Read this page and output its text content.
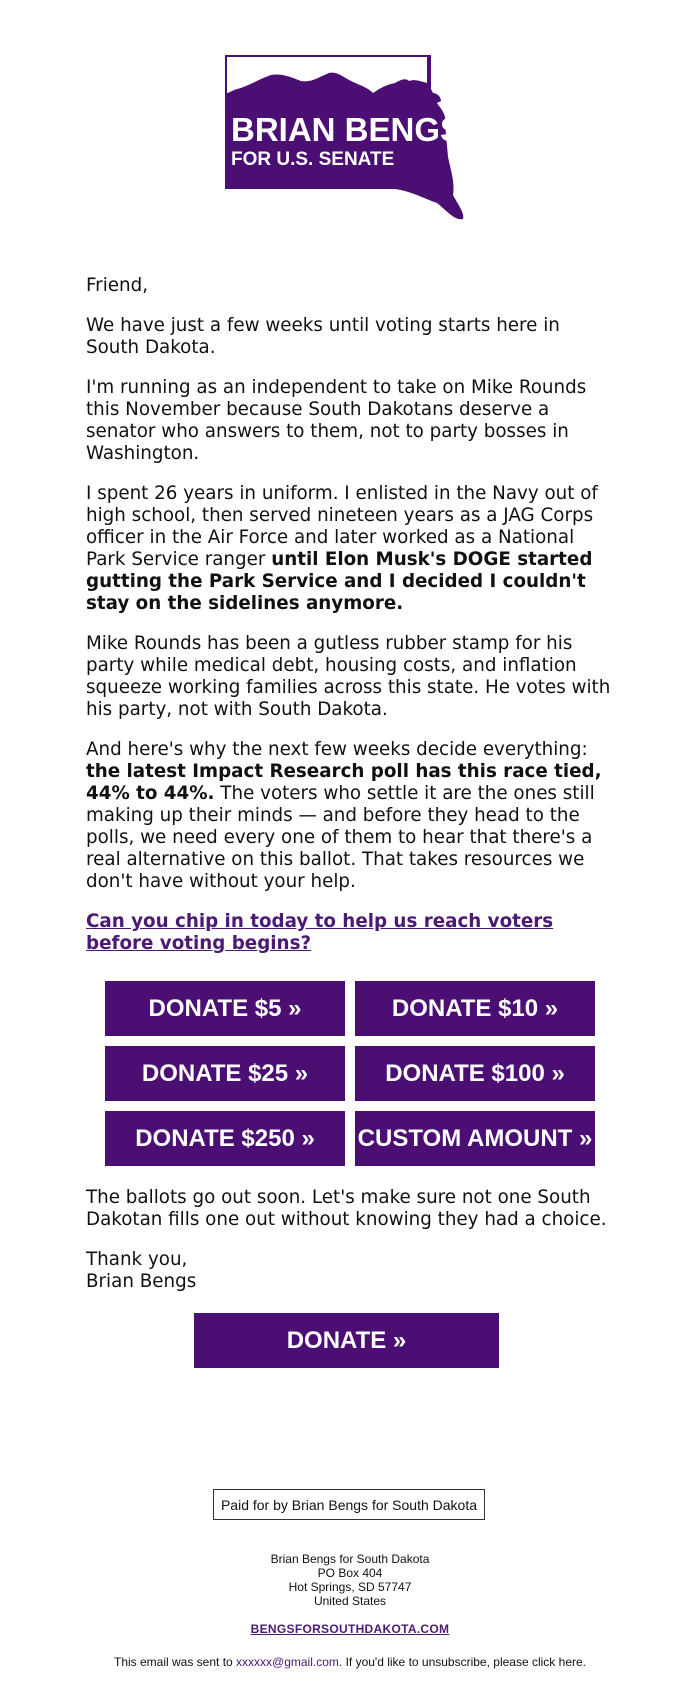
BRIAN BENGS
FOR U.S. SENATE

Friend,

We have just a few weeks until voting starts here in South Dakota.

I'm running as an independent to take on Mike Rounds this November because South Dakotans deserve a senator who answers to them, not to party bosses in Washington.

I spent 26 years in uniform. I enlisted in the Navy out of high school, then served nineteen years as a JAG Corps officer in the Air Force and later worked as a National Park Service ranger until Elon Musk's DOGE started gutting the Park Service and I decided I couldn't stay on the sidelines anymore.

Mike Rounds has been a gutless rubber stamp for his party while medical debt, housing costs, and inflation squeeze working families across this state. He votes with his party, not with South Dakota.

And here's why the next few weeks decide everything: the latest Impact Research poll has this race tied, 44% to 44%. The voters who settle it are the ones still making up their minds — and before they head to the polls, we need every one of them to hear that there's a real alternative on this ballot. That takes resources we don't have without your help.

Can you chip in today to help us reach voters before voting begins?
DONATE $5 »	DONATE $10 »
DONATE $25 »	DONATE $100 »
DONATE $250 »	CUSTOM AMOUNT »

The ballots go out soon. Let's make sure not one South Dakotan fills one out without knowing they had a choice.

Thank you,
Brian Bengs

DONATE »
Paid for by Brian Bengs for South Dakota
Brian Bengs for South Dakota
PO Box 404
Hot Springs, SD 57747
United States
BENGSFORSOUTHDAKOTA.COM
This email was sent to xxxxxx@gmail.com. If you'd like to unsubscribe, please click here.
